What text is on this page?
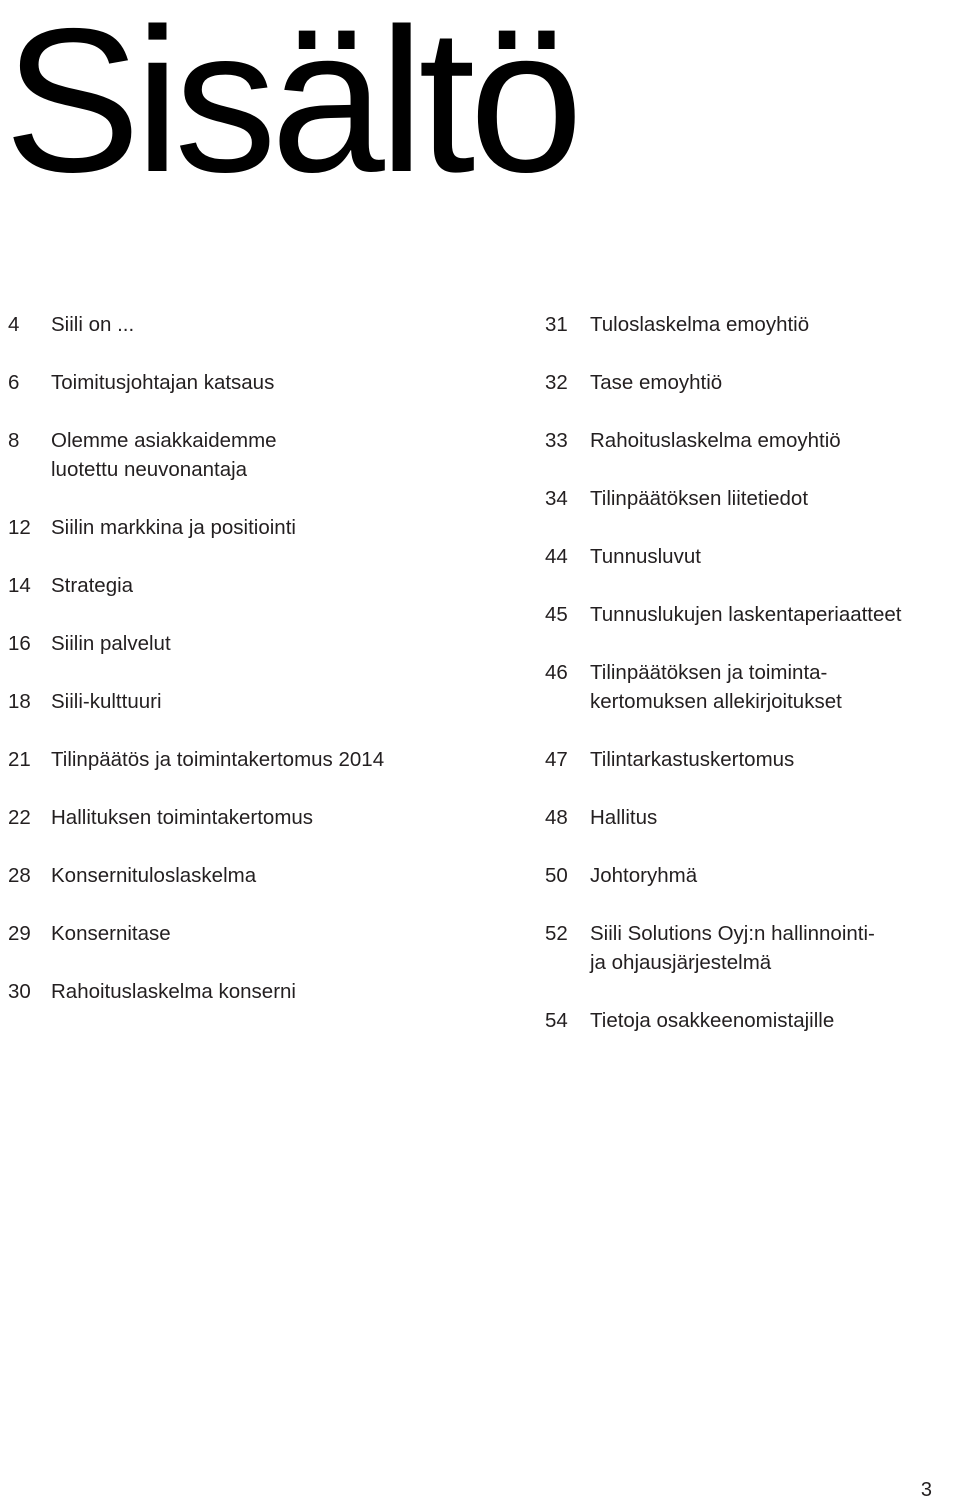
Sisältö
4	Siili on ...
6	Toimitusjohtajan katsaus
8	Olemme asiakkaidemme
luotettu neuvonantaja
12 Siilin markkina ja positiointi
14 Strategia
16 Siilin palvelut
18 Siili-kulttuuri
21 Tilinpäätös ja toimintakertomus 2014
22 Hallituksen toimintakertomus
28 Konsernituloslaskelma
29 Konsernitase
30 Rahoituslaskelma konserni
31	Tuloslaskelma emoyhtiö
32	Tase emoyhtiö
33	Rahoituslaskelma emoyhtiö
34	Tilinpäätöksen liitetiedot
44	Tunnusluvut
45	Tunnuslukujen laskentaperiaatteet
46	Tilinpäätöksen ja toiminta-
kertomuksen allekirjoitukset
47	Tilintarkastuskertomus
48	Hallitus
50	Johtoryhmä
52	Siili Solutions Oyj:n hallinnointi-
ja ohjausjärjestelmä
54	Tietoja osakkeenomistajille
3
